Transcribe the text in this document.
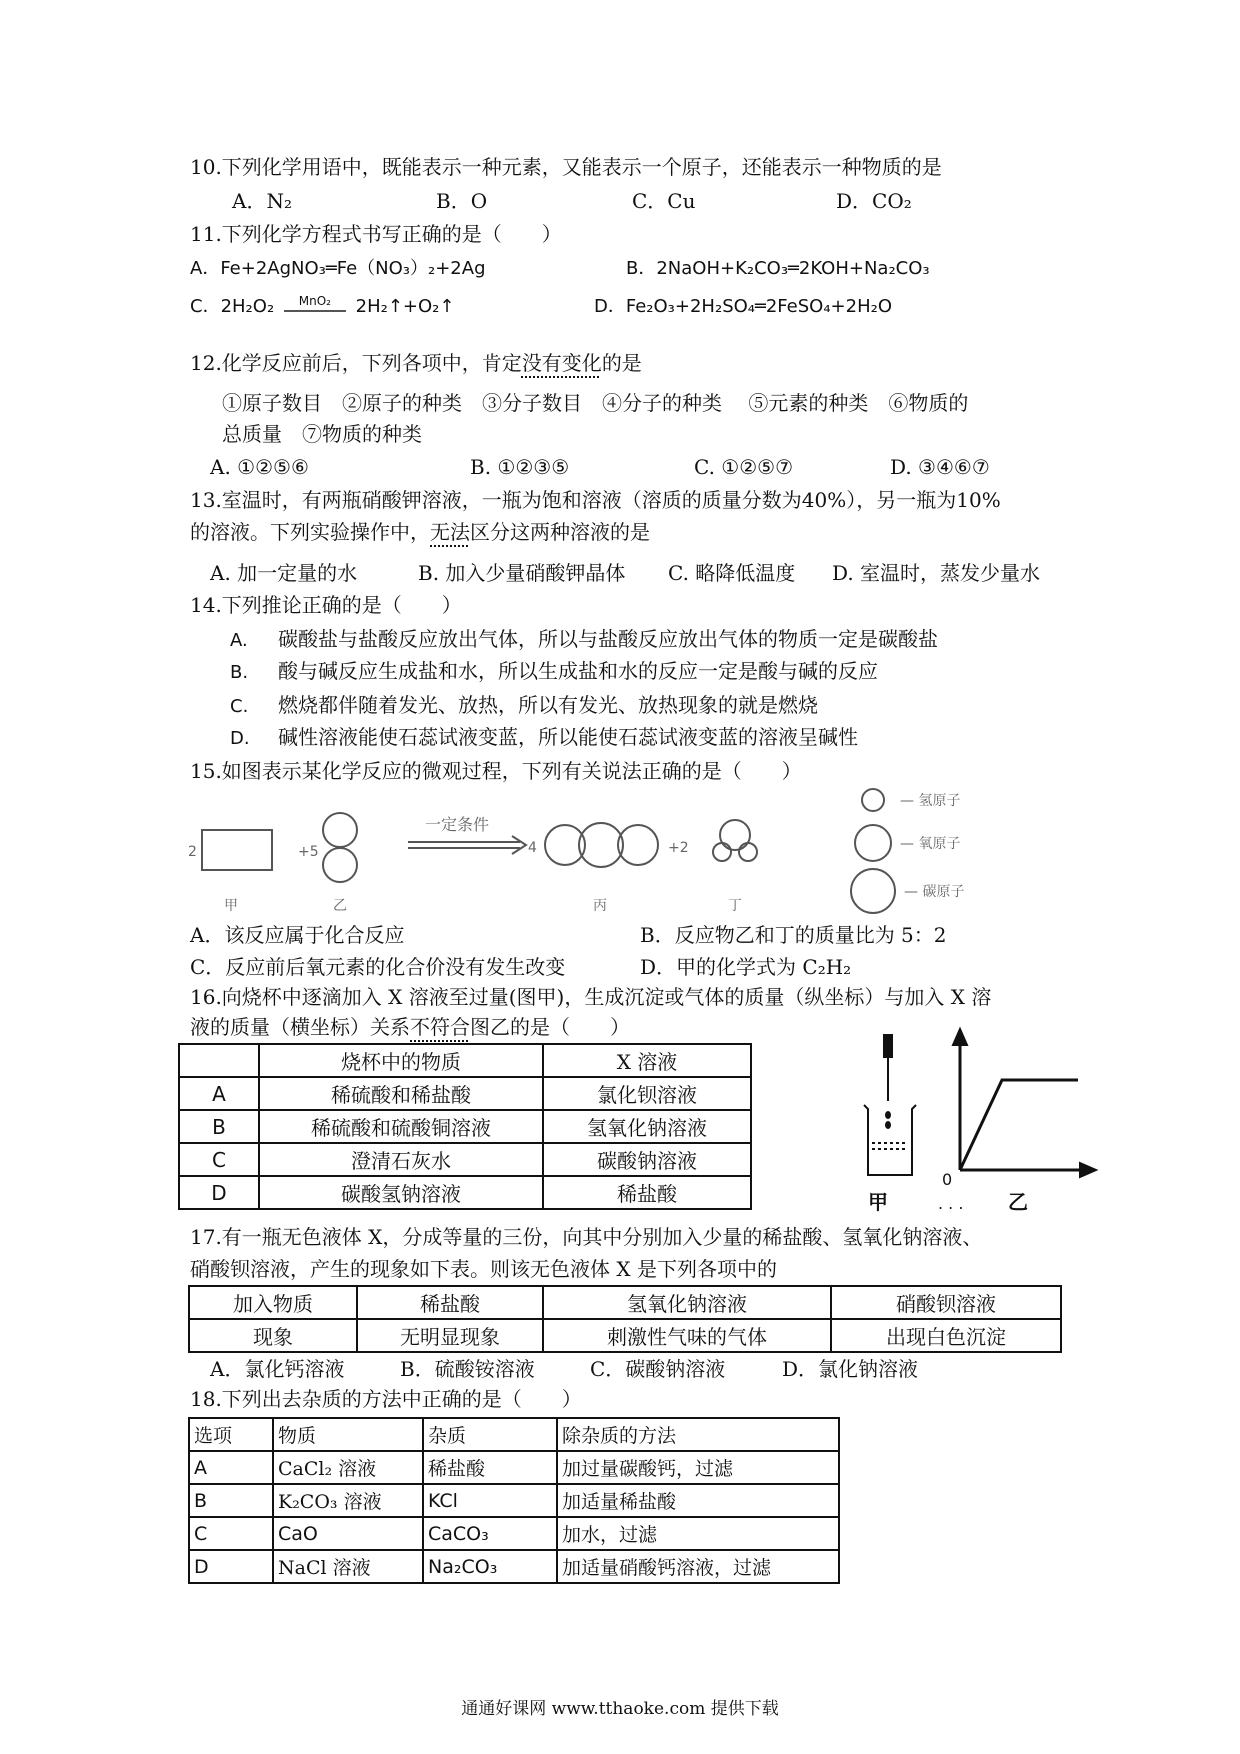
10.下列化学用语中，既能表示一种元素，又能表示一个原子，还能表示一种物质的是
A．N₂	B．O	C．Cu	D．CO₂
11.下列化学方程式书写正确的是（　　）
A．Fe+2AgNO₃═Fe（NO₃）₂+2Ag	B．2NaOH+K₂CO₃═2KOH+Na₂CO₃
C．2H₂O₂ MnO₂ 2H₂↑+O₂↑	D．Fe₂O₃+2H₂SO₄═2FeSO₄+2H₂O
12.化学反应前后，下列各项中，肯定没有变化的是
①原子数目　②原子的种类　③分子数目　④分子的种类　 ⑤元素的种类　⑥物质的
总质量　⑦物质的种类
A. ①②⑤⑥	B. ①②③⑤	C. ①②⑤⑦	D. ③④⑥⑦
13.室温时，有两瓶硝酸钾溶液，一瓶为饱和溶液（溶质的质量分数为40%），另一瓶为10%
的溶液。下列实验操作中，无法区分这两种溶液的是
A. 加一定量的水	B. 加入少量硝酸钾晶体 C. 略降低温度 D. 室温时，蒸发少量水
14.下列推论正确的是（　　）
A. 碳酸盐与盐酸反应放出气体，所以与盐酸反应放出气体的物质一定是碳酸盐
B. 酸与碱反应生成盐和水，所以生成盐和水的反应一定是酸与碱的反应
C. 燃烧都伴随着发光、放热，所以有发光、放热现象的就是燃烧
D. 碱性溶液能使石蕊试液变蓝，所以能使石蕊试液变蓝的溶液呈碱性
15.如图表示某化学反应的微观过程，下列有关说法正确的是（　　）
2	+5
一定条件
4	+2
甲	乙	丙	丁
— 氢原子
— 氧原子
— 碳原子
A．该反应属于化合反应	B．反应物乙和丁的质量比为 5：2
C．反应前后氧元素的化合价没有发生改变	D．甲的化学式为 C₂H₂
16.向烧杯中逐滴加入 X 溶液至过量(图甲)，生成沉淀或气体的质量（纵坐标）与加入 X 溶
液的质量（横坐标）关系不符合图乙的是（　　）
	烧杯中的物质	X 溶液
A	稀硫酸和稀盐酸	氯化钡溶液
B	稀硫酸和硫酸铜溶液	氢氧化钠溶液
C	澄清石灰水	碳酸钠溶液
D	碳酸氢钠溶液	稀盐酸
0
甲	. . . 乙
17.有一瓶无色液体 X，分成等量的三份，向其中分别加入少量的稀盐酸、氢氧化钠溶液、
硝酸钡溶液，产生的现象如下表。则该无色液体 X 是下列各项中的
加入物质	稀盐酸	氢氧化钠溶液	硝酸钡溶液
现象	无明显现象	刺激性气味的气体	出现白色沉淀
A．氯化钙溶液	B．硫酸铵溶液	C．碳酸钠溶液	D．氯化钠溶液
18.下列出去杂质的方法中正确的是（　　）
选项	物质	杂质	除杂质的方法
A	CaCl₂ 溶液	稀盐酸	加过量碳酸钙，过滤
B	K₂CO₃ 溶液	KCl	加适量稀盐酸
C	CaO	CaCO₃	加水，过滤
D	NaCl 溶液	Na₂CO₃	加适量硝酸钙溶液，过滤
通通好课网 www.tthaoke.com 提供下载
